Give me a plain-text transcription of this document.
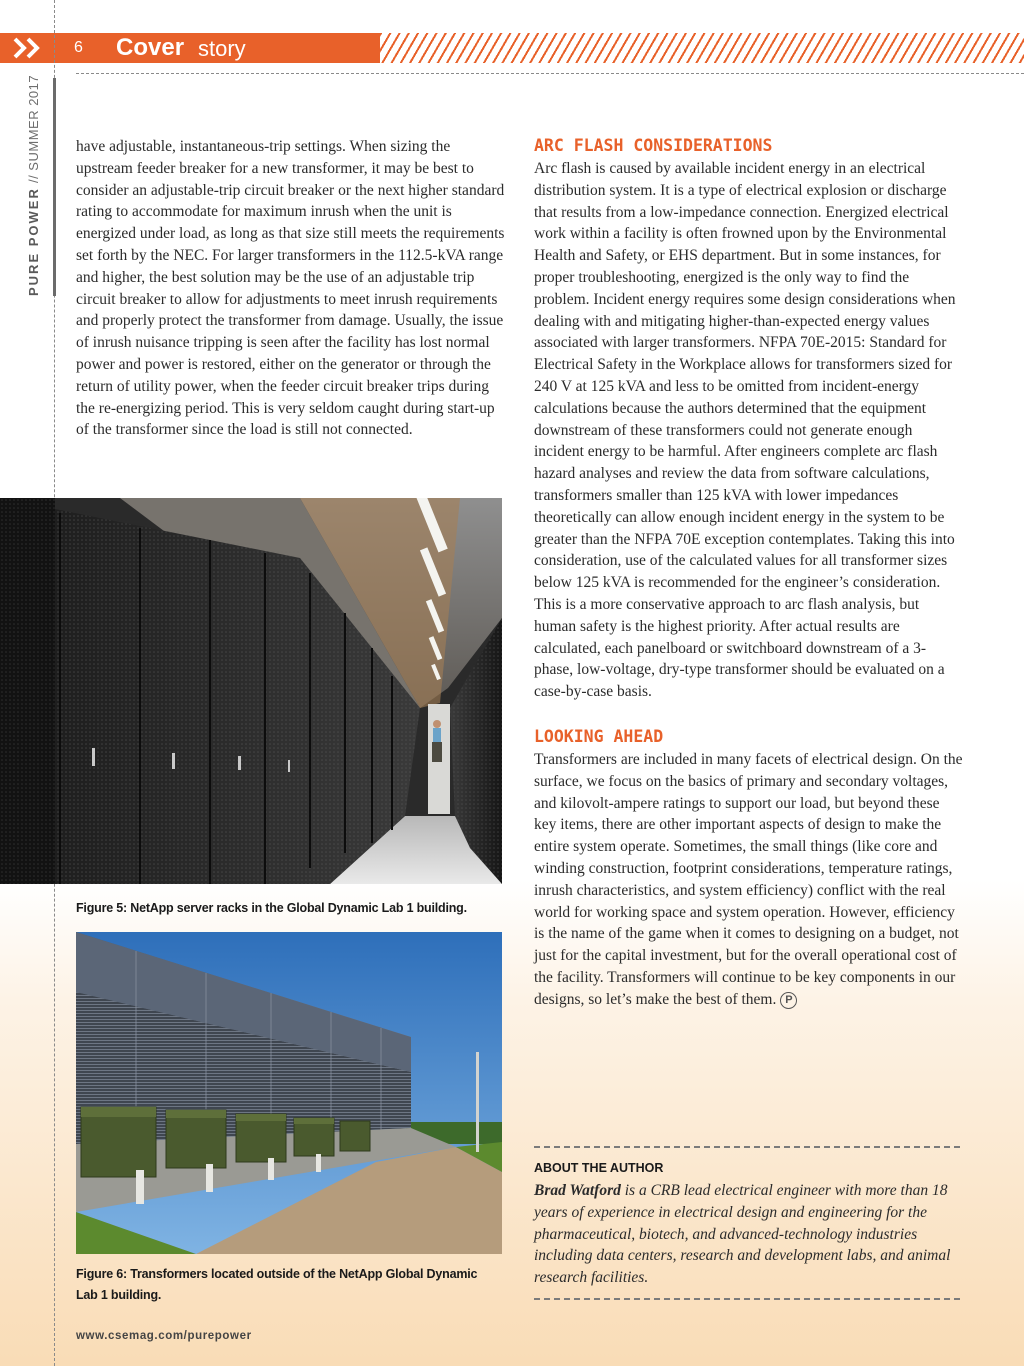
6 Cover story
PURE POWER // SUMMER 2017 have adjustable, instantaneous-trip settings. When sizing the upstream feeder breaker for a new transformer, it may be best to consider an adjustable-trip circuit breaker or the next higher standard rating to accommodate for maximum inrush when the unit is energized under load, as long as that size still meets the requirements set forth by the NEC. For larger transformers in the 112.5-kVA range and higher, the best solution may be the use of an adjustable trip circuit breaker to allow for adjustments to meet inrush requirements and properly protect the transformer from damage. Usually, the issue of inrush nuisance tripping is seen after the facility has lost normal power and power is restored, either on the generator or through the return of utility power, when the feeder circuit breaker trips during the re-energizing period. This is very seldom caught during start-up of the transformer since the load is still not connected.

Figure 5: NetApp server racks in the Global Dynamic Lab 1 building.
Figure 6: Transformers located outside of the NetApp Global Dynamic Lab 1 building.
ARC FLASH CONSIDERATIONS

Arc flash is caused by available incident energy in an electrical distribution system. It is a type of electrical explosion or discharge that results from a low-impedance connection. Energized electrical work within a facility is often frowned upon by the Environmental Health and Safety, or EHS department. But in some instances, for proper troubleshooting, energized is the only way to find the problem. Incident energy requires some design considerations when dealing with and mitigating higher-than-expected energy values associated with larger transformers. NFPA 70E-2015: Standard for Electrical Safety in the Workplace allows for transformers sized for 240 V at 125 kVA and less to be omitted from incident-energy calculations because the authors determined that the equipment downstream of these transformers could not generate enough incident energy to be harmful. After engineers complete arc flash hazard analyses and review the data from software calculations, transformers smaller than 125 kVA with lower impedances theoretically can allow enough incident energy in the system to be greater than the NFPA 70E exception contemplates. Taking this into consideration, use of the calculated values for all transformer sizes below 125 kVA is recommended for the engineer’s consideration. This is a more conservative approach to arc flash analysis, but human safety is the highest priority. After actual results are calculated, each panelboard or switchboard downstream of a 3-phase, low-voltage, dry-type transformer should be evaluated on a case-by-case basis.

LOOKING AHEAD

Transformers are included in many facets of electrical design. On the surface, we focus on the basics of primary and secondary voltages, and kilovolt-ampere ratings to support our load, but beyond these key items, there are other important aspects of design to make the entire system operate. Sometimes, the small things (like core and winding construction, footprint considerations, temperature ratings, inrush characteristics, and system efficiency) conflict with the real world for working space and system operation. However, efficiency is the name of the game when it comes to designing on a budget, not just for the capital investment, but for the overall operational cost of the facility. Transformers will continue to be key components in our designs, so let’s make the best of them. P

ABOUT THE AUTHOR
Brad Watford is a CRB lead electrical engineer with more than 18 years of experience in electrical design and engineering for the pharmaceutical, biotech, and advanced-technology industries including data centers, research and development labs, and animal research facilities.
www.csemag.com/purepower
